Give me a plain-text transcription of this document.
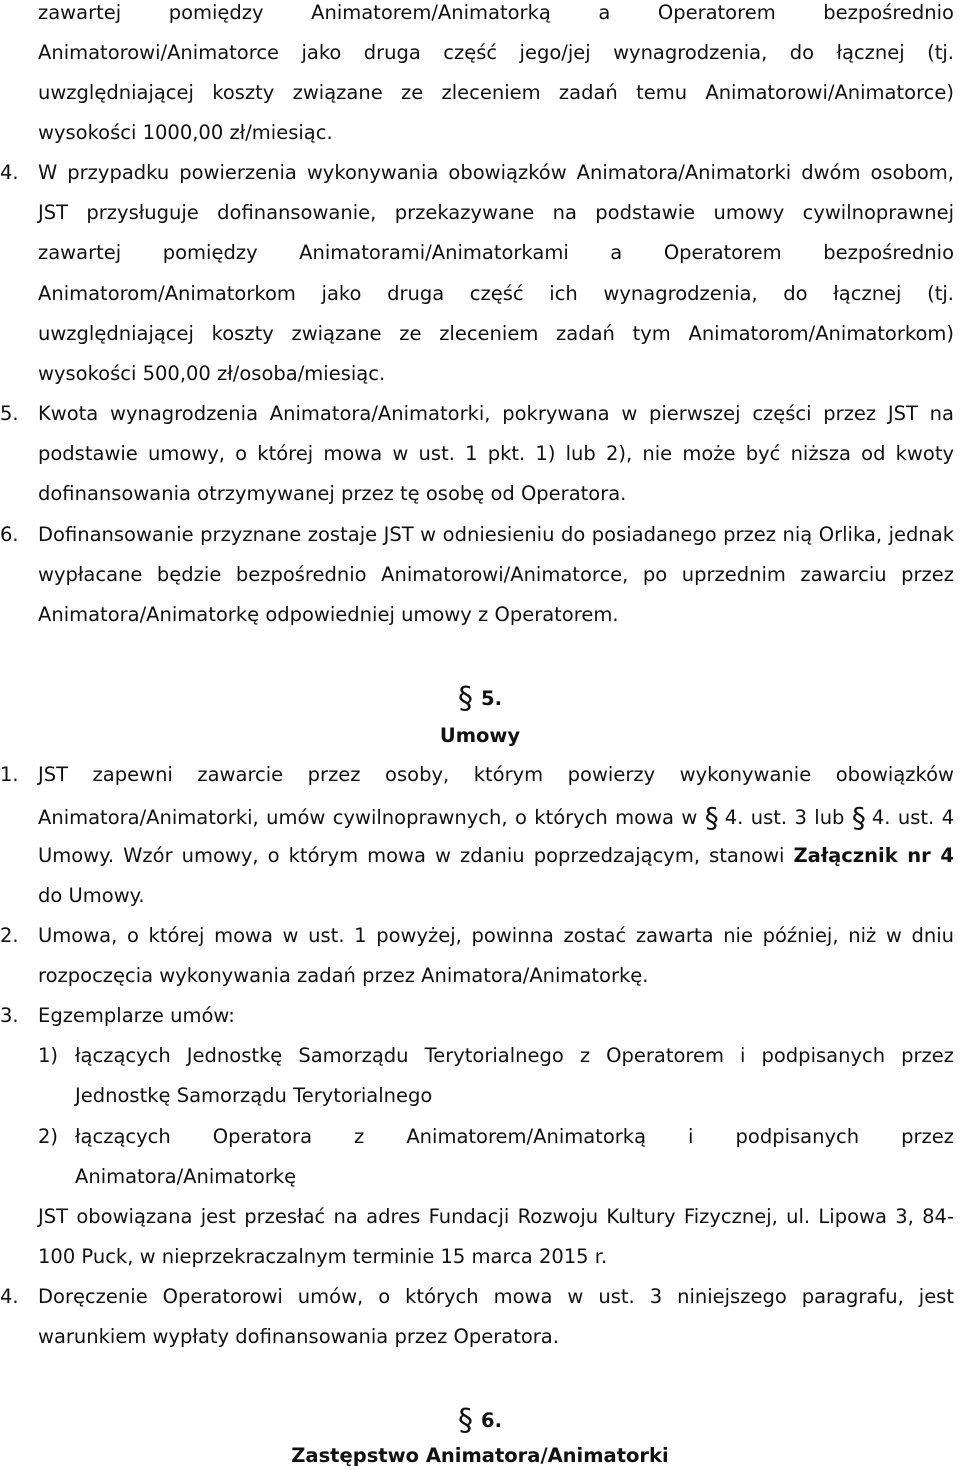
zawartej pomiędzy Animatorem/Animatorką a Operatorem bezpośrednio
Animatorowi/Animatorce jako druga część jego/jej wynagrodzenia, do łącznej (tj.
uwzględniającej koszty związane ze zleceniem zadań temu Animatorowi/Animatorce)
wysokości 1000,00 zł/miesiąc.
4. W przypadku powierzenia wykonywania obowiązków Animatora/Animatorki dwóm osobom,
JST przysługuje dofinansowanie, przekazywane na podstawie umowy cywilnoprawnej
zawartej pomiędzy Animatorami/Animatorkami a Operatorem bezpośrednio
Animatorom/Animatorkom jako druga część ich wynagrodzenia, do łącznej (tj.
uwzględniającej koszty związane ze zleceniem zadań tym Animatorom/Animatorkom)
wysokości 500,00 zł/osoba/miesiąc.
5. Kwota wynagrodzenia Animatora/Animatorki, pokrywana w pierwszej części przez JST na
podstawie umowy, o której mowa w ust. 1 pkt. 1) lub 2), nie może być niższa od kwoty
dofinansowania otrzymywanej przez tę osobę od Operatora.
6. Dofinansowanie przyznane zostaje JST w odniesieniu do posiadanego przez nią Orlika, jednak
wypłacane będzie bezpośrednio Animatorowi/Animatorce, po uprzednim zawarciu przez
Animatora/Animatorkę odpowiedniej umowy z Operatorem.
§ 5.
Umowy
1. JST zapewni zawarcie przez osoby, którym powierzy wykonywanie obowiązków
Animatora/Animatorki, umów cywilnoprawnych, o których mowa w § 4. ust. 3 lub § 4. ust. 4
Umowy. Wzór umowy, o którym mowa w zdaniu poprzedzającym, stanowi Załącznik nr 4
do Umowy.
2. Umowa, o której mowa w ust. 1 powyżej, powinna zostać zawarta nie później, niż w dniu
rozpoczęcia wykonywania zadań przez Animatora/Animatorkę.
3. Egzemplarze umów:
1) łączących Jednostkę Samorządu Terytorialnego z Operatorem i podpisanych przez
Jednostkę Samorządu Terytorialnego
2) łączących Operatora z Animatorem/Animatorką i podpisanych przez
Animatora/Animatorkę
JST obowiązana jest przesłać na adres Fundacji Rozwoju Kultury Fizycznej, ul. Lipowa 3, 84-
100 Puck, w nieprzekraczalnym terminie 15 marca 2015 r.
4. Doręczenie Operatorowi umów, o których mowa w ust. 3 niniejszego paragrafu, jest
warunkiem wypłaty dofinansowania przez Operatora.
§ 6.
Zastępstwo Animatora/Animatorki
